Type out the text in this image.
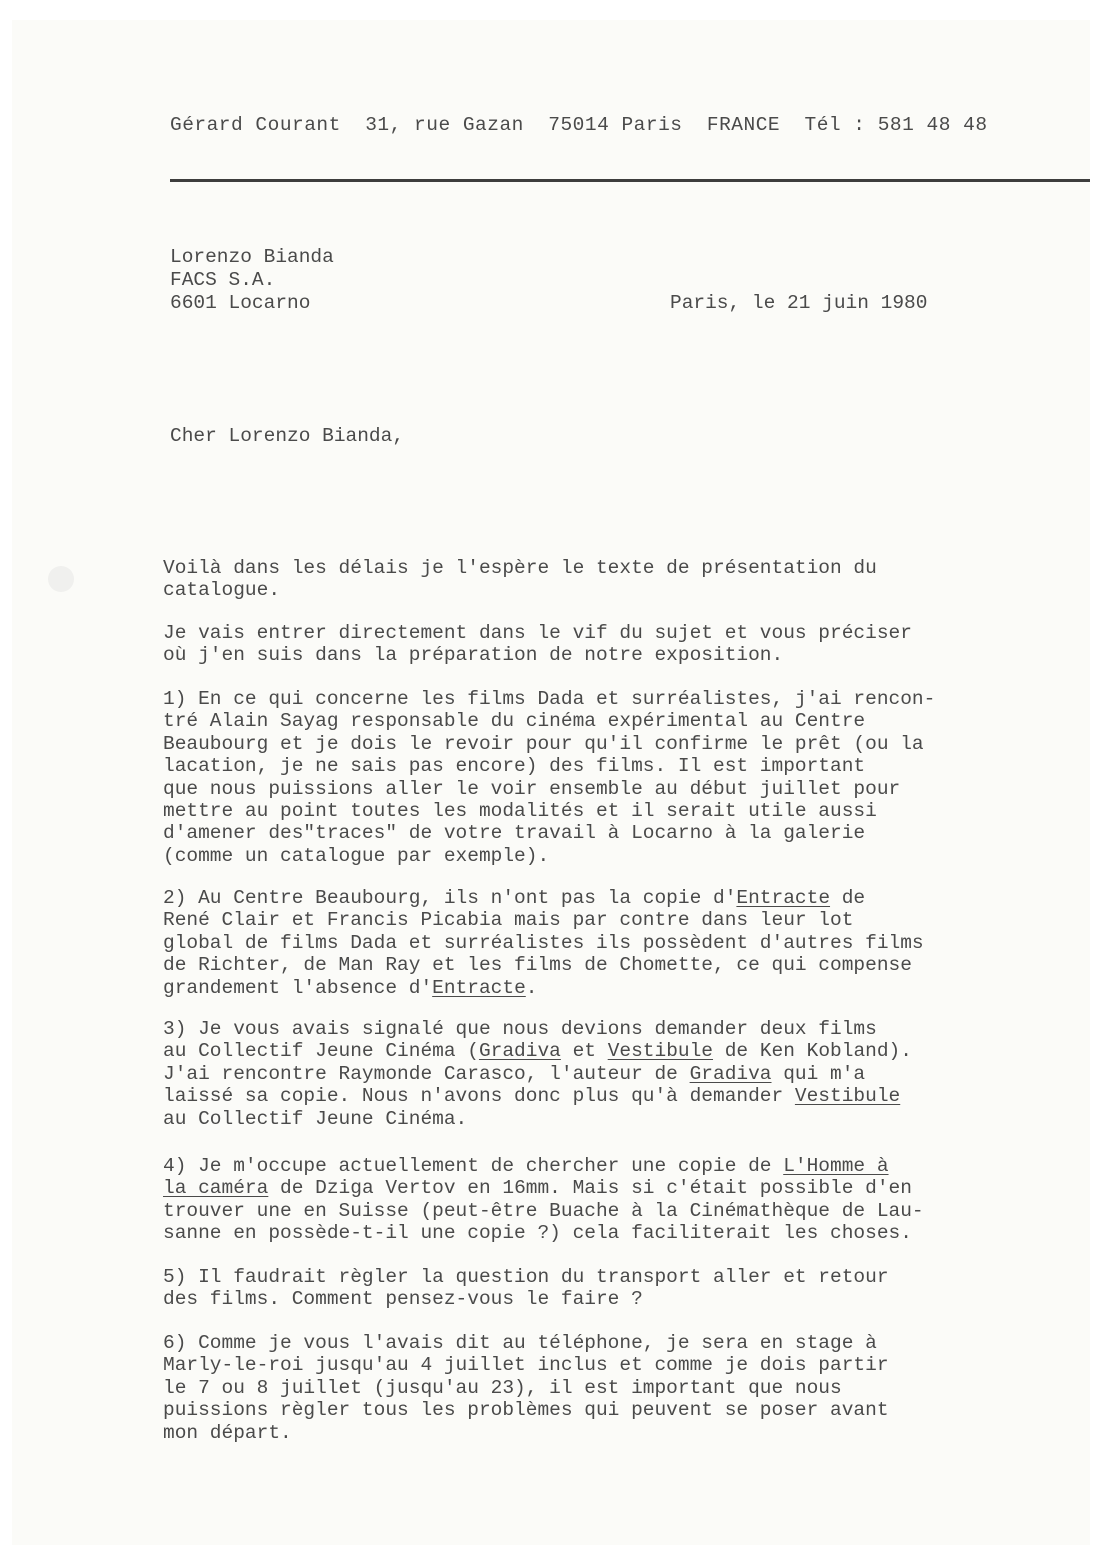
Gérard Courant  31, rue Gazan  75014 Paris  FRANCE  Tél : 581 48 48
Lorenzo Bianda
FACS S.A.
6601 Locarno	Paris, le 21 juin 1980
Cher Lorenzo Bianda,
Voilà dans les délais je l'espère le texte de présentation du
catalogue.
Je vais entrer directement dans le vif du sujet et vous préciser
où j'en suis dans la préparation de notre exposition.
1) En ce qui concerne les films Dada et surréalistes, j'ai rencon-
tré Alain Sayag responsable du cinéma expérimental au Centre
Beaubourg et je dois le revoir pour qu'il confirme le prêt (ou la
lacation, je ne sais pas encore) des films. Il est important
que nous puissions aller le voir ensemble au début juillet pour
mettre au point toutes les modalités et il serait utile aussi
d'amener des"traces" de votre travail à Locarno à la galerie
(comme un catalogue par exemple).
2) Au Centre Beaubourg, ils n'ont pas la copie d'Entracte de
René Clair et Francis Picabia mais par contre dans leur lot
global de films Dada et surréalistes ils possèdent d'autres films
de Richter, de Man Ray et les films de Chomette, ce qui compense
grandement l'absence d'Entracte.
3) Je vous avais signalé que nous devions demander deux films
au Collectif Jeune Cinéma (Gradiva et Vestibule de Ken Kobland).
J'ai rencontre Raymonde Carasco, l'auteur de Gradiva qui m'a
laissé sa copie. Nous n'avons donc plus qu'à demander Vestibule
au Collectif Jeune Cinéma.
4) Je m'occupe actuellement de chercher une copie de L'Homme à
la caméra de Dziga Vertov en 16mm. Mais si c'était possible d'en
trouver une en Suisse (peut-être Buache à la Cinémathèque de Lau-
sanne en possède-t-il une copie ?) cela faciliterait les choses.
5) Il faudrait règler la question du transport aller et retour
des films. Comment pensez-vous le faire ?
6) Comme je vous l'avais dit au téléphone, je sera en stage à
Marly-le-roi jusqu'au 4 juillet inclus et comme je dois partir
le 7 ou 8 juillet (jusqu'au 23), il est important que nous
puissions règler tous les problèmes qui peuvent se poser avant
mon départ.
